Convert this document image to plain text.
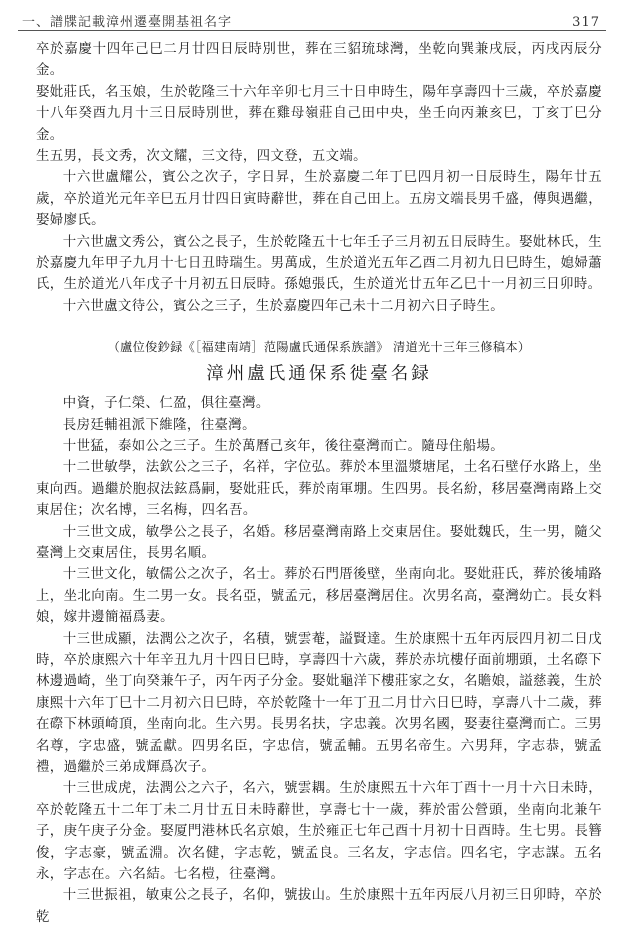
一、譜牒記載漳州遷臺開基祖名字	317

卒於嘉慶十四年己巳二月廿四日辰時別世，葬在三貂琉球灣，坐乾向巽兼戌辰，丙戌丙辰分金。

娶妣莊氏，名玉娘，生於乾隆三十六年辛卯七月三十日申時生，陽年享壽四十三歲，卒於嘉慶十八年癸酉九月十三日辰時別世，葬在雞母嶺莊自己田中央，坐壬向丙兼亥巳，丁亥丁巳分金。

生五男，長文秀，次文耀，三文待，四文登，五文端。

十六世盧耀公，賓公之次子，字日昇，生於嘉慶二年丁巳四月初一日辰時生，陽年廿五歲，卒於道光元年辛巳五月廿四日寅時辭世，葬在自己田上。五房文端長男千盛，傳與遇繼，娶婦廖氏。

十六世盧文秀公，賓公之長子，生於乾隆五十七年壬子三月初五日辰時生。娶妣林氏，生於嘉慶九年甲子九月十七日丑時瑞生。男萬成，生於道光五年乙酉二月初九日巳時生，媳婦蕭氏，生於道光八年戊子十月初五日辰時。孫媳張氏，生於道光廿五年乙巳十一月初三日卯時。

十六世盧文待公，賓公之三子，生於嘉慶四年己未十二月初六日子時生。

（盧位俊鈔録《［福建南靖］范陽盧氏通保系族譜》 清道光十三年三修稿本）
漳州盧氏通保系徙臺名録

中資，子仁榮、仁盈，俱往臺灣。

長房廷輔祖派下維隆，往臺灣。

十世猛，泰如公之三子。生於萬曆己亥年，後往臺灣而亡。隨母住船場。

十二世敏學，法欽公之三子，名祥，字位弘。葬於本里溫漿塘尾，土名石壁仔水路上，坐東向西。過繼於胞叔法鉉爲嗣，娶妣莊氏，葬於南軍堋。生四男。長名紛，移居臺灣南路上交東居住；次名博，三名梅，四名吾。

十三世文成，敏學公之長子，名婚。移居臺灣南路上交東居住。娶妣魏氏，生一男，隨父臺灣上交東居住，長男名順。

十三世文化，敏儒公之次子，名士。葬於石門厝後壁，坐南向北。娶妣莊氏，葬於後埔路上，坐北向南。生二男一女。長名亞，號孟元，移居臺灣居住。次男名高，臺灣幼亡。長女料娘，嫁井邊簡福爲妻。

十三世成顯，法潤公之次子，名積，號雲菴，謚賢達。生於康熙十五年丙辰四月初二日戊時，卒於康熙六十年辛丑九月十四日巳時，享壽四十六歲，葬於赤坑樓仔面前堋頭，土名磜下林邊過崎，坐丁向癸兼午子，丙午丙子分金。娶妣龜洋下樓莊家之女，名贍娘，謚慈義，生於康熙十六年丁巳十二月初六日巳時，卒於乾隆十一年丁丑二月廿六日巳時，享壽八十二歲，葬在磜下林頭崎頂，坐南向北。生六男。長男名扶，字忠義。次男名國，娶妻往臺灣而亡。三男名尊，字忠盛，號孟獻。四男名臣，字忠信，號孟輔。五男名帝生。六男拜，字志恭，號孟禮，過繼於三弟成輝爲次子。

十三世成虎，法潤公之六子，名六，號雲耦。生於康熙五十六年丁酉十一月十六日未時，卒於乾隆五十二年丁未二月廿五日未時辭世，享壽七十一歲，葬於雷公營頭，坐南向北兼午子，庚午庚子分金。娶厦門港林氏名京娘，生於雍正七年己酉十月初十日酉時。生七男。長簪俊，字志豪，號孟淵。次名健，字志乾，號孟良。三名友，字志信。四名宅，字志謀。五名永，字志在。六名結。七名榿，往臺灣。

十三世振祖，敏東公之長子，名仰，號拔山。生於康熙十五年丙辰八月初三日卯時，卒於乾
